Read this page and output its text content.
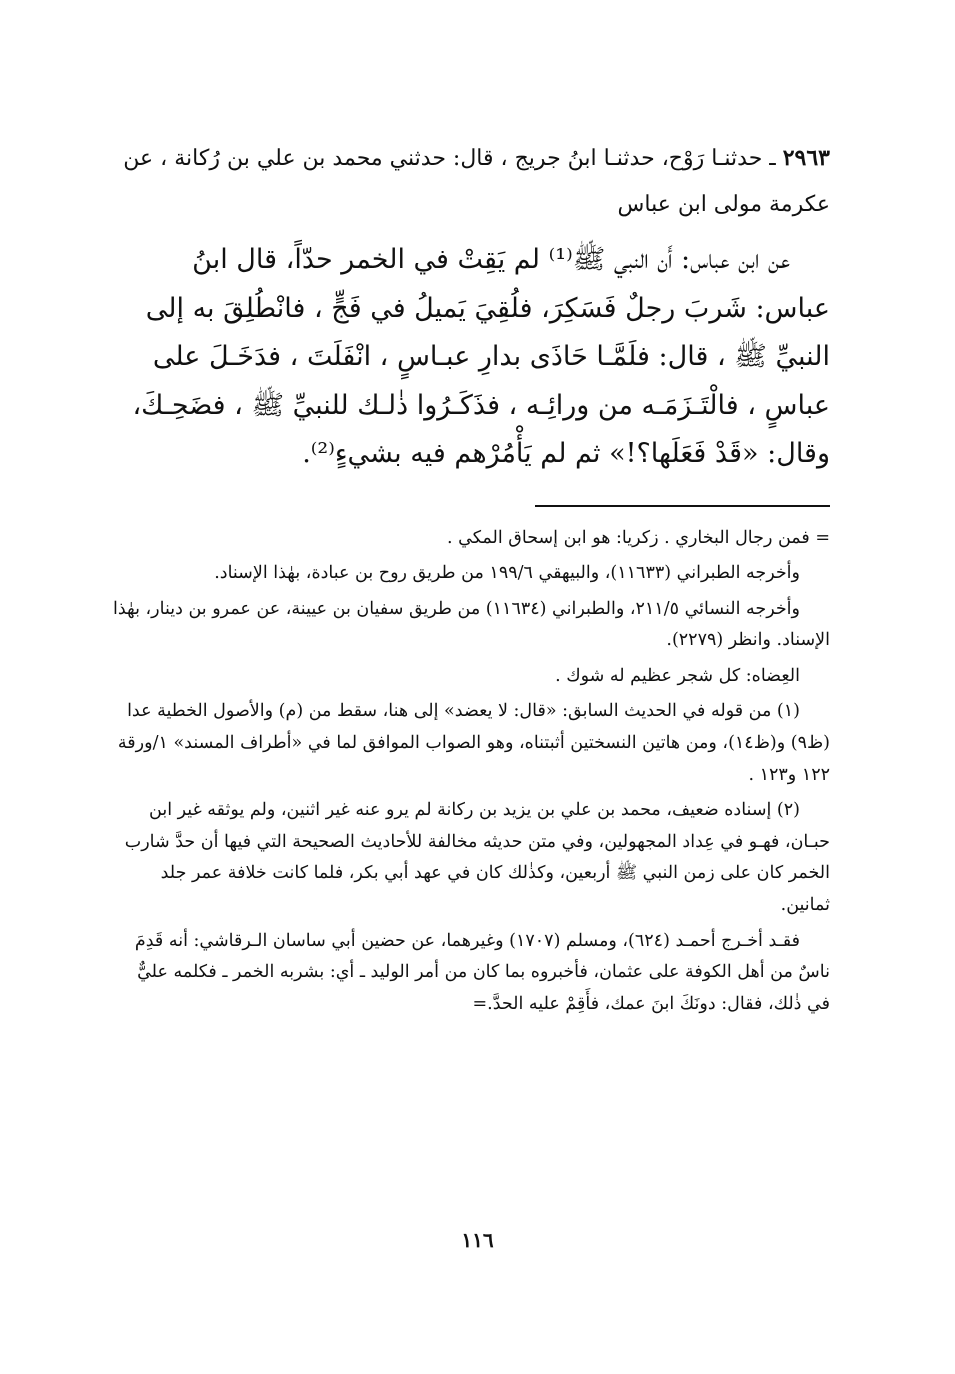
٢٩٦٣ ـ حدثنـا رَوْح، حدثنـا ابنُ جريج ، قال: حدثني محمد بن علي بن رُكانة ، عن عكرمة مولى ابن عباس

عن ابن عباس: أَن النبي ﷺ⁽¹⁾ لم يَقِتْ في الخمر حدّاً، قال ابنُ عباس: شَربَ رجلٌ فَسَكِرَ، فلُقِيَ يَميلُ في فَجٍّ ، فانْطُلِقَ به إلى النبيِّ ﷺ ، قال: فلَمَّـا حَاذَى بدارِ عبـاسٍ ، انْفَلَتَ ، فدَخَـلَ على عباسٍ ، فالْتَـزَمَـه من ورائِـه ، فذَكَـرُوا ذٰلـك للنبيِّ ﷺ ، فضَحِـكَ، وقال: «قَدْ فَعَلَها؟!» ثم لم يَأْمُرْهم فيه بشيءٍ⁽²⁾.

= فمن رجال البخاري . زكريا: هو ابن إسحاق المكي .

وأخرجه الطبراني (١١٦٣٣)، والبيهقي ١٩٩/٦ من طريق روح بن عبادة، بهٰذا الإسناد.

وأخرجه النسائي ٢١١/٥، والطبراني (١١٦٣٤) من طريق سفيان بن عيينة، عن عمرو بن دينار، بهٰذا الإسناد. وانظر (٢٢٧٩).

العِضاه: كل شجر عظيم له شوك .

(١) من قوله في الحديث السابق: «قال: لا يعضد» إلى هنا، سقط من (م) والأصول الخطية عدا (ظ٩) و(ظ١٤)، ومن هاتين النسختين أثبتناه، وهو الصواب الموافق لما في «أطراف المسند» ١/ورقة ١٢٢ و١٢٣ .

(٢) إسناده ضعيف، محمد بن علي بن يزيد بن ركانة لم يرو عنه غير اثنين، ولم يوثقه غير ابن حبـان، فهـو في عِداد المجهولين، وفي متن حديثه مخالفة للأحاديث الصحيحة التي فيها أن حدَّ شارب الخمر كان على زمن النبي ﷺ أربعين، وكذٰلك كان في عهد أبي بكر، فلما كانت خلافة عمر جلد ثمانين.

فقـد أخـرج أحمـد (٦٢٤)، ومسلم (١٧٠٧) وغيرهما، عن حضين أبي ساسان الـرقاشي: أنه قَدِمَ ناسٌ من أهل الكوفة على عثمان، فأخبروه بما كان من أمر الوليد ـ أي: بشربه الخمر ـ فكلمه عليٌّ في ذٰلك، فقال: دونَكَ ابنَ عمك، فأَقِمْ عليه الحدَّ.=

١١٦
